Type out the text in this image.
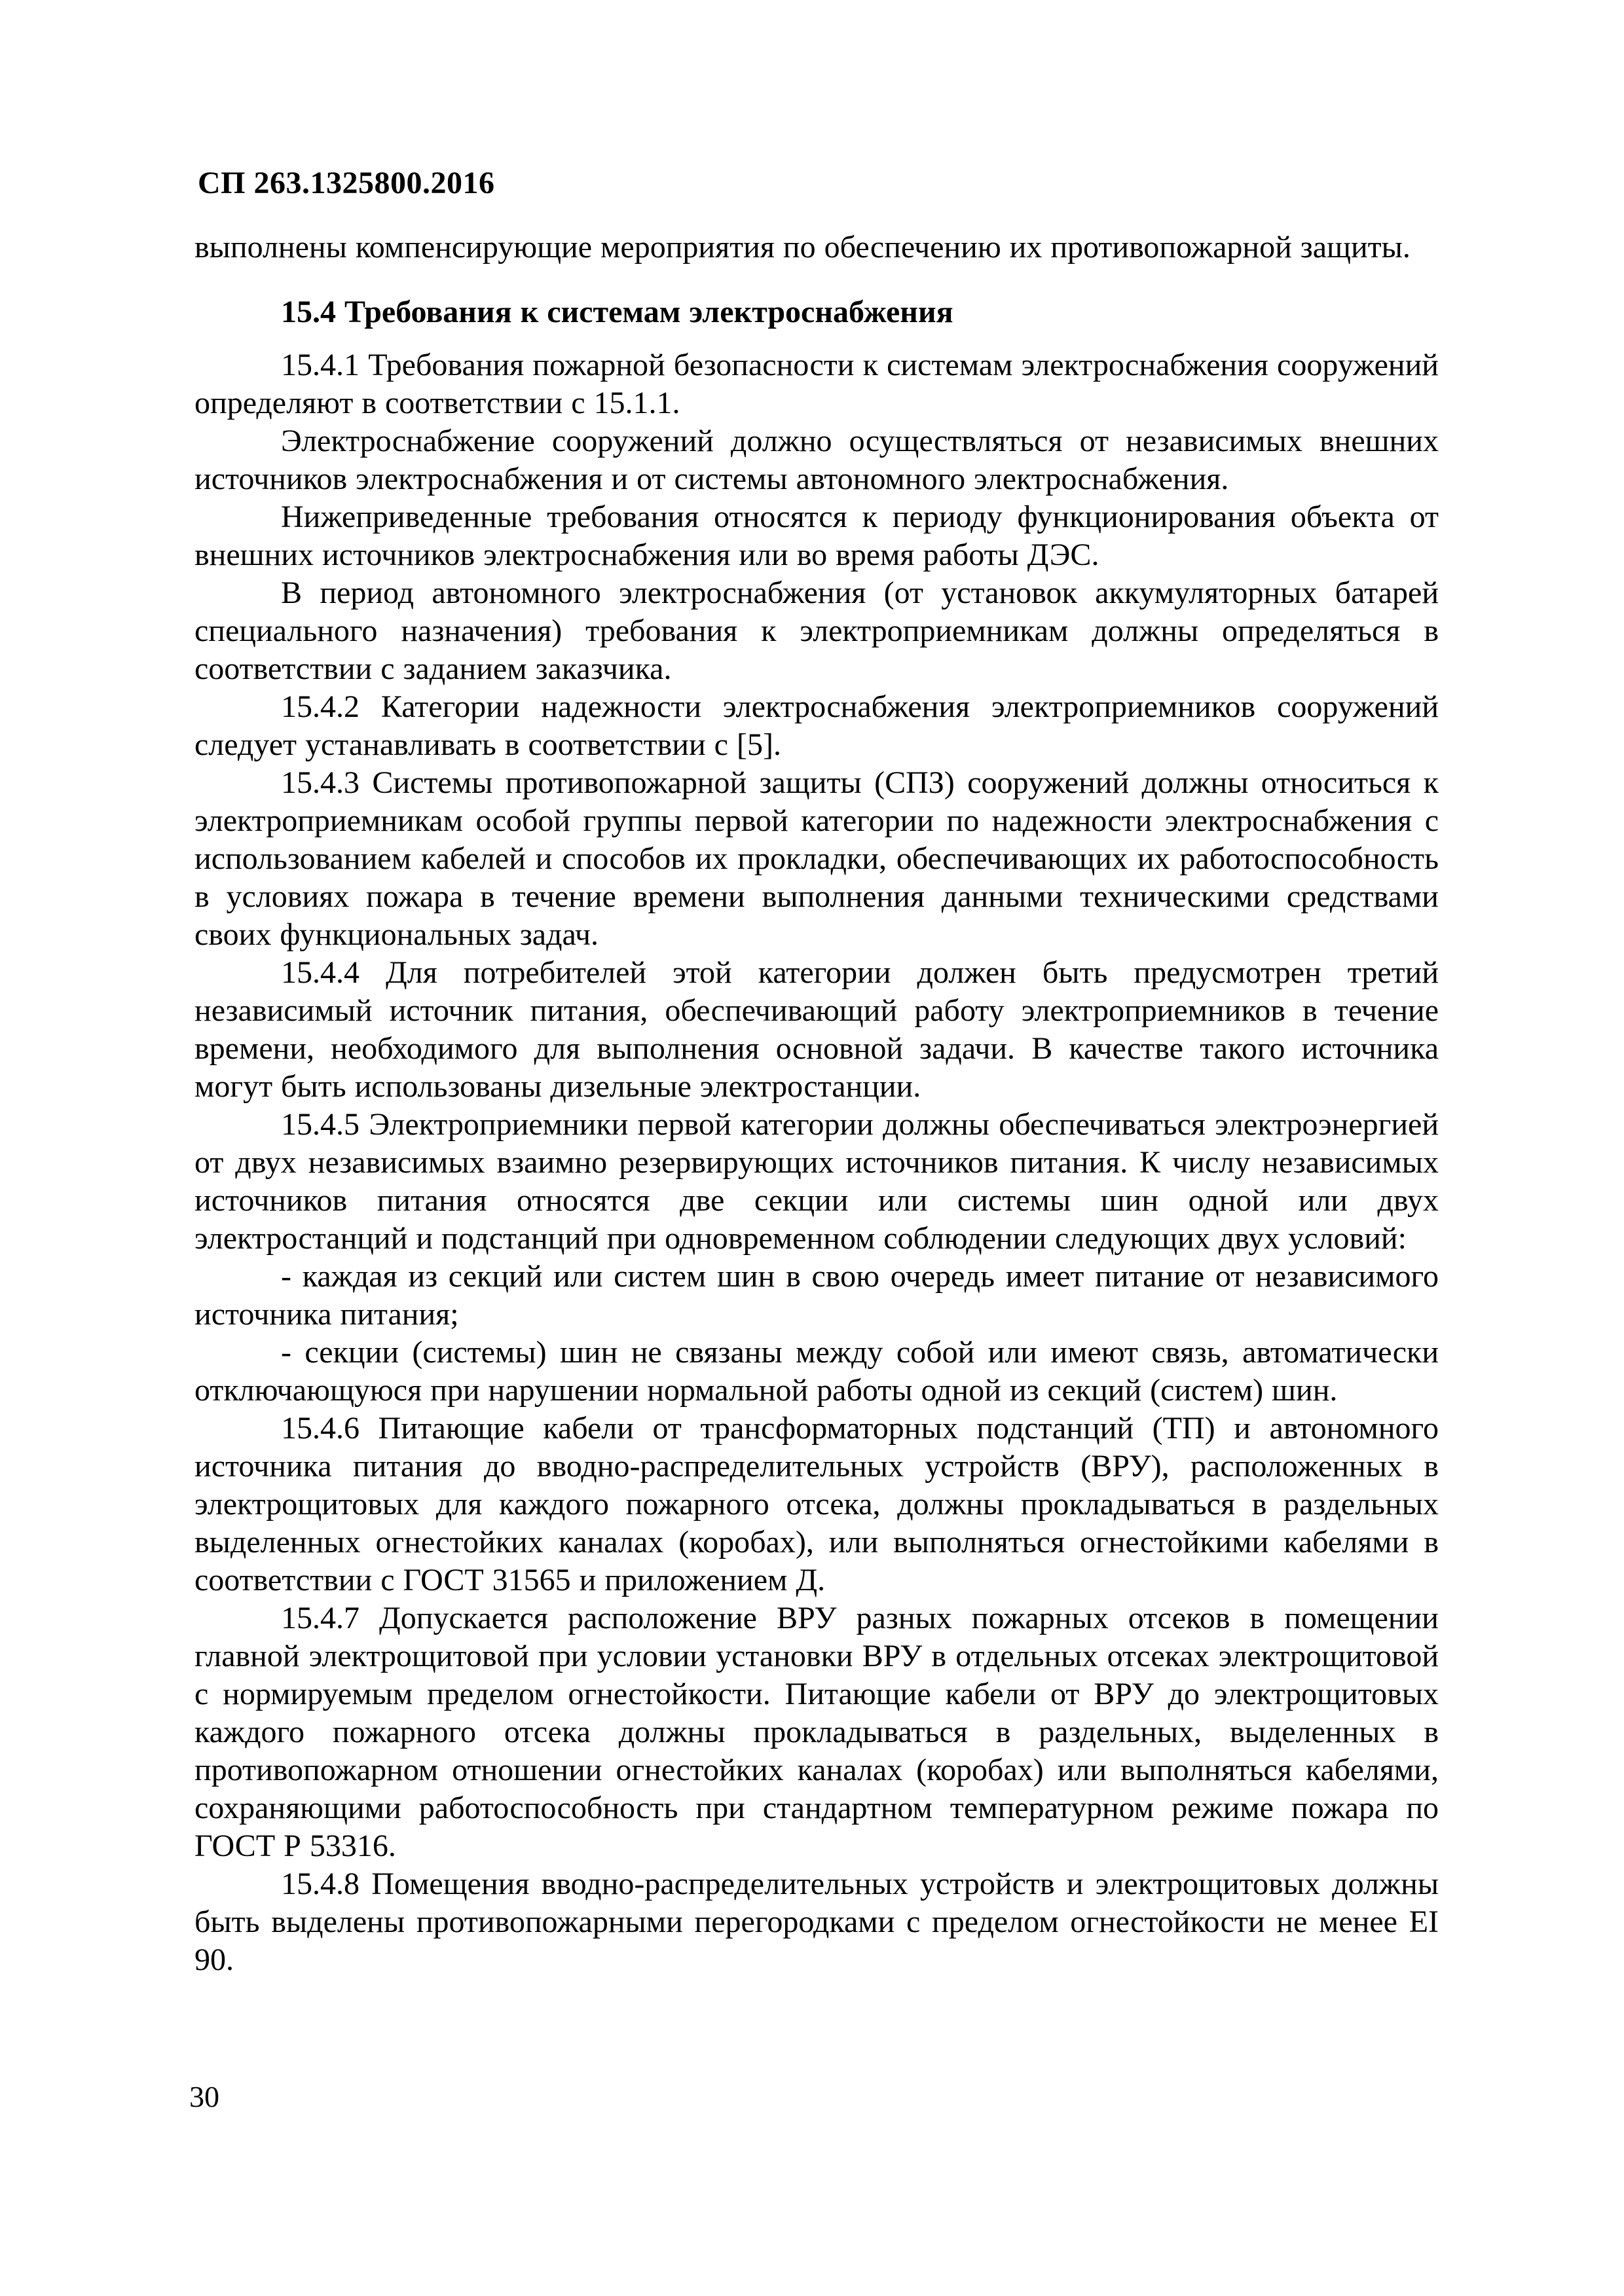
СП 263.1325800.2016

выполнены компенсирующие мероприятия по обеспечению их противопожарной защиты.

15.4 Требования к системам электроснабжения

15.4.1 Требования пожарной безопасности к системам электроснабжения сооружений определяют в соответствии с 15.1.1.

Электроснабжение сооружений должно осуществляться от независимых внешних источников электроснабжения и от системы автономного электроснабжения.

Нижеприведенные требования относятся к периоду функционирования объекта от внешних источников электроснабжения или во время работы ДЭС.

В период автономного электроснабжения (от установок аккумуляторных батарей специального назначения) требования к электроприемникам должны определяться в соответствии с заданием заказчика.

15.4.2 Категории надежности электроснабжения электроприемников сооружений следует устанавливать в соответствии с [5].

15.4.3 Системы противопожарной защиты (СПЗ) сооружений должны относиться к электроприемникам особой группы первой категории по надежности электроснабжения с использованием кабелей и способов их прокладки, обеспечивающих их работоспособность в условиях пожара в течение времени выполнения данными техническими средствами своих функциональных задач.

15.4.4 Для потребителей этой категории должен быть предусмотрен третий независимый источник питания, обеспечивающий работу электроприемников в течение времени, необходимого для выполнения основной задачи. В качестве такого источника могут быть использованы дизельные электростанции.

15.4.5 Электроприемники первой категории должны обеспечиваться электроэнергией от двух независимых взаимно резервирующих источников питания. К числу независимых источников питания относятся две секции или системы шин одной или двух электростанций и подстанций при одновременном соблюдении следующих двух условий:

- каждая из секций или систем шин в свою очередь имеет питание от независимого источника питания;

- секции (системы) шин не связаны между собой или имеют связь, автоматически отключающуюся при нарушении нормальной работы одной из секций (систем) шин.

15.4.6 Питающие кабели от трансформаторных подстанций (ТП) и автономного источника питания до вводно-распределительных устройств (ВРУ), расположенных в электрощитовых для каждого пожарного отсека, должны прокладываться в раздельных выделенных огнестойких каналах (коробах), или выполняться огнестойкими кабелями в соответствии с ГОСТ 31565 и приложением Д.

15.4.7 Допускается расположение ВРУ разных пожарных отсеков в помещении главной электрощитовой при условии установки ВРУ в отдельных отсеках электрощитовой с нормируемым пределом огнестойкости. Питающие кабели от ВРУ до электрощитовых каждого пожарного отсека должны прокладываться в раздельных, выделенных в противопожарном отношении огнестойких каналах (коробах) или выполняться кабелями, сохраняющими работоспособность при стандартном температурном режиме пожара по ГОСТ Р 53316.

15.4.8 Помещения вводно-распределительных устройств и электрощитовых должны быть выделены противопожарными перегородками с пределом огнестойкости не менее EI 90.

30
